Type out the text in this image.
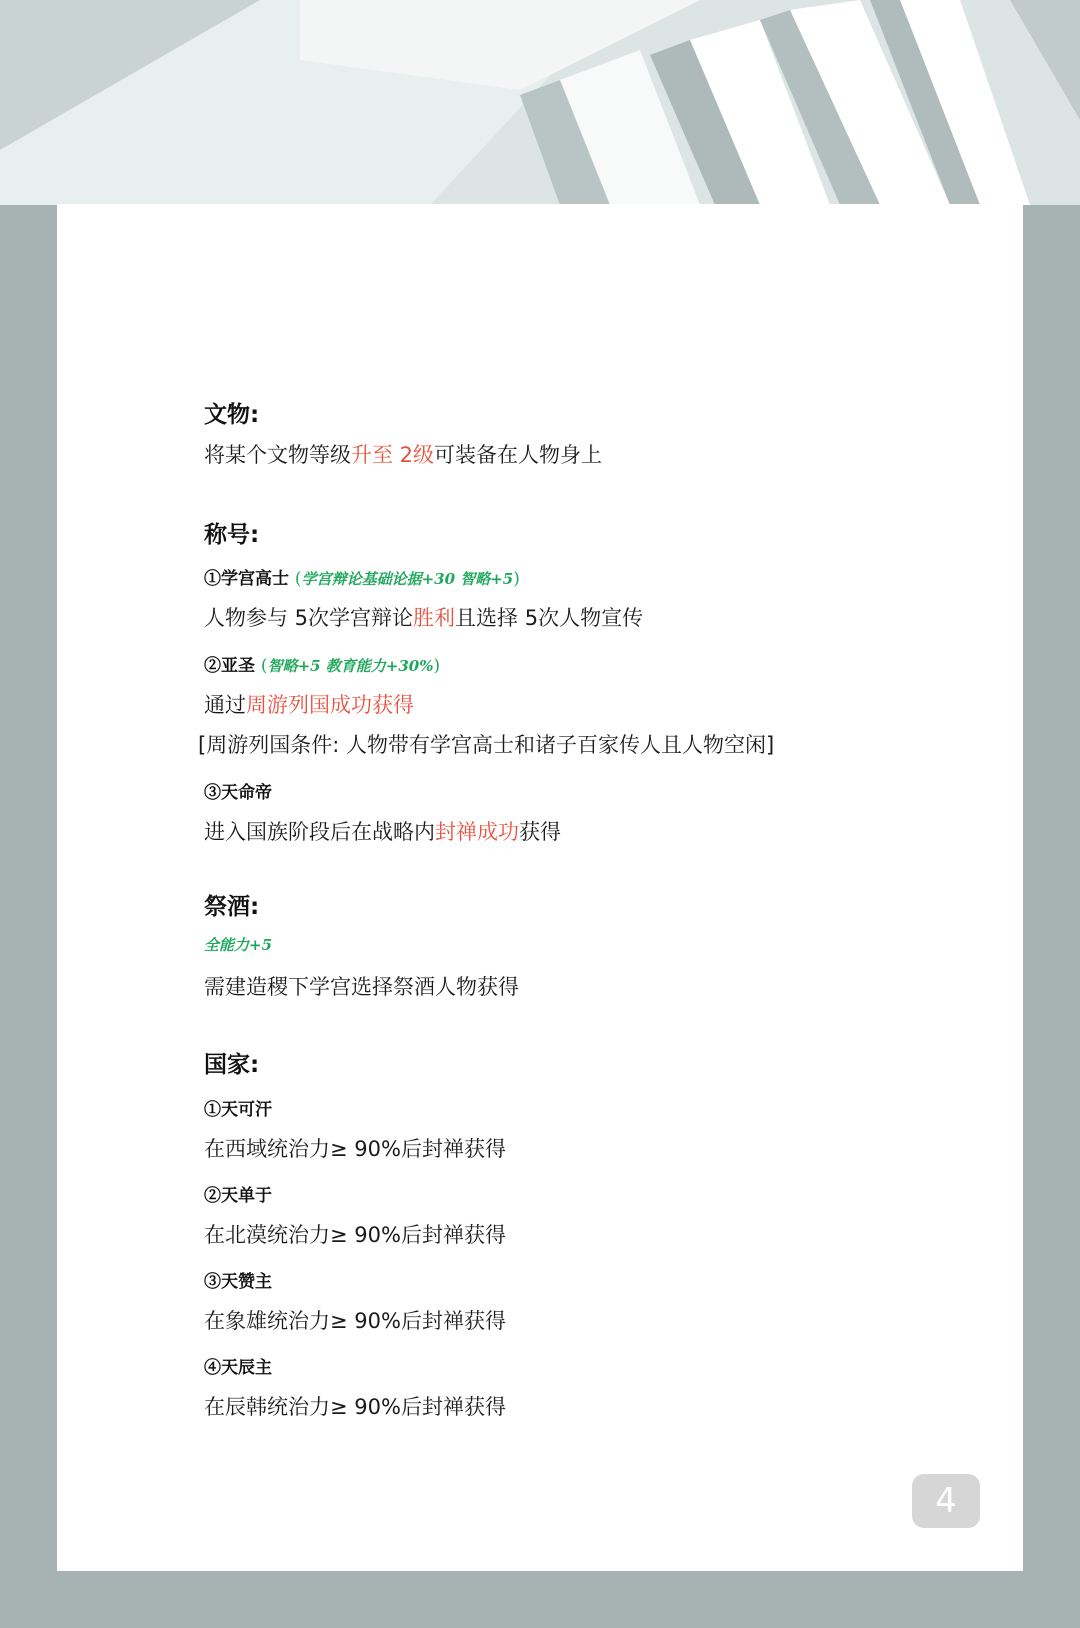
文物:
将某个文物等级升至 2级可装备在人物身上
称号:
①学宫高士 (学宫辩论基础论据+30 智略+5)
人物参与 5次学宫辩论胜利且选择 5次人物宣传
②亚圣 (智略+5 教育能力+30%)
通过周游列国成功获得
[周游列国条件: 人物带有学宫高士和诸子百家传人且人物空闲]
③天命帝
进入国族阶段后在战略内封禅成功获得
祭酒:
全能力+5
需建造稷下学宫选择祭酒人物获得
国家:
①天可汗
在西域统治力≥ 90%后封禅获得
②天单于
在北漠统治力≥ 90%后封禅获得
③天赞主
在象雄统治力≥ 90%后封禅获得
④天辰主
在辰韩统治力≥ 90%后封禅获得
4
